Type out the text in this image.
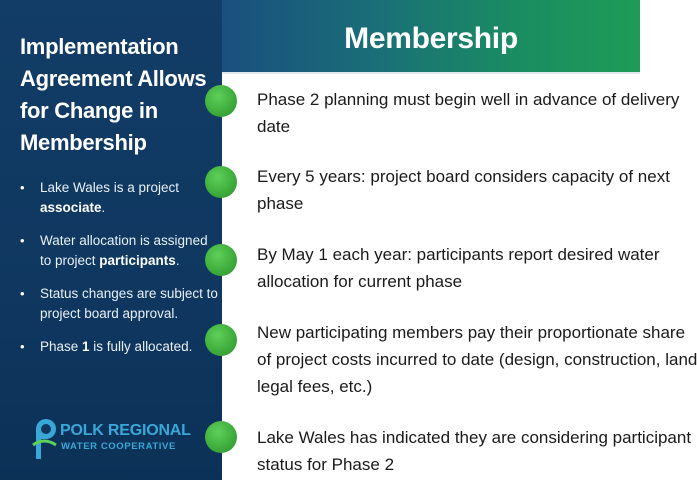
Implementation
Agreement Allows
for Change in
Membership
• Lake Wales is a project associate.
• Water allocation is assigned to project participants.
• Status changes are subject to project board approval.
• Phase 1 is fully allocated.
POLK REGIONAL
WATER COOPERATIVE
Membership
Phase 2 planning must begin well in advance of delivery
date
Every 5 years: project board considers capacity of next
phase
By May 1 each year: participants report desired water
allocation for current phase
New participating members pay their proportionate share
of project costs incurred to date (design, construction, land
legal fees, etc.)
Lake Wales has indicated they are considering participant
status for Phase 2
